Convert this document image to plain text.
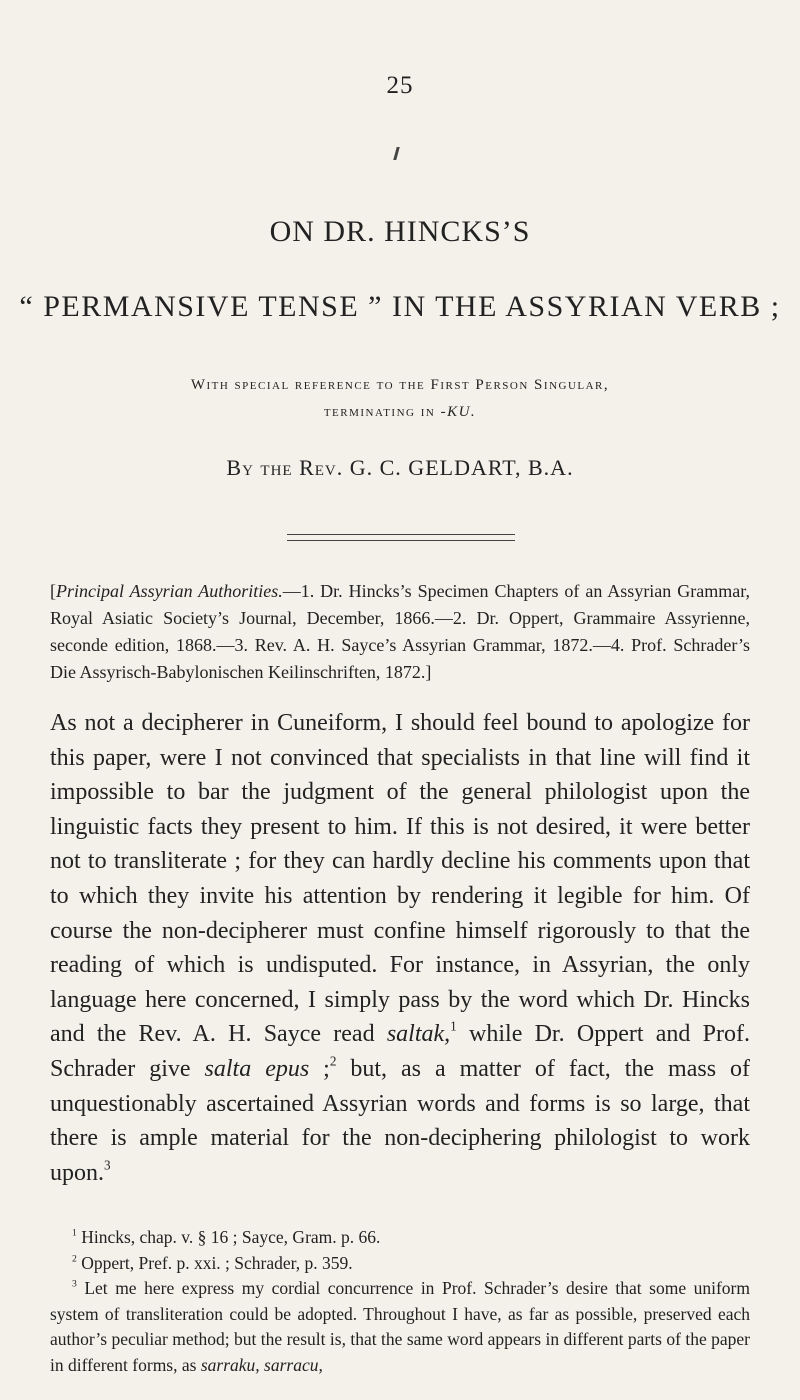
25
ON DR. HINCKS’S
“ PERMANSIVE TENSE ” IN THE ASSYRIAN VERB ;
With special reference to the First Person Singular,
terminating in -KU.
By the Rev. G. C. GELDART, B.A.
[Principal Assyrian Authorities.—1. Dr. Hincks’s Specimen Chapters of an Assyrian Grammar, Royal Asiatic Society’s Journal, December, 1866.—2. Dr. Oppert, Grammaire Assyrienne, seconde edition, 1868.—3. Rev. A. H. Sayce’s Assyrian Grammar, 1872.—4. Prof. Schrader’s Die Assyrisch-Babylonischen Keilinschriften, 1872.]

As not a decipherer in Cuneiform, I should feel bound to apologize for this paper, were I not convinced that specialists in that line will find it impossible to bar the judgment of the general philologist upon the linguistic facts they present to him. If this is not desired, it were better not to transliterate ; for they can hardly decline his comments upon that to which they invite his attention by rendering it legible for him. Of course the non-decipherer must confine himself rigorously to that the reading of which is undisputed. For instance, in Assyrian, the only language here concerned, I simply pass by the word which Dr. Hincks and the Rev. A. H. Sayce read saltak,$^1$ while Dr. Oppert and Prof. Schrader give salta epus ;$^2$ but, as a matter of fact, the mass of unquestionably ascertained Assyrian words and forms is so large, that there is ample material for the non-deciphering philologist to work upon.$^3$

$^1$ Hincks, chap. v. § 16 ; Sayce, Gram. p. 66.

$^2$ Oppert, Pref. p. xxi. ; Schrader, p. 359.

$^3$ Let me here express my cordial concurrence in Prof. Schrader’s desire that some uniform system of transliteration could be adopted. Throughout I have, as far as possible, preserved each author’s peculiar method; but the result is, that the same word appears in different parts of the paper in different forms, as sarraku, sarracu,
